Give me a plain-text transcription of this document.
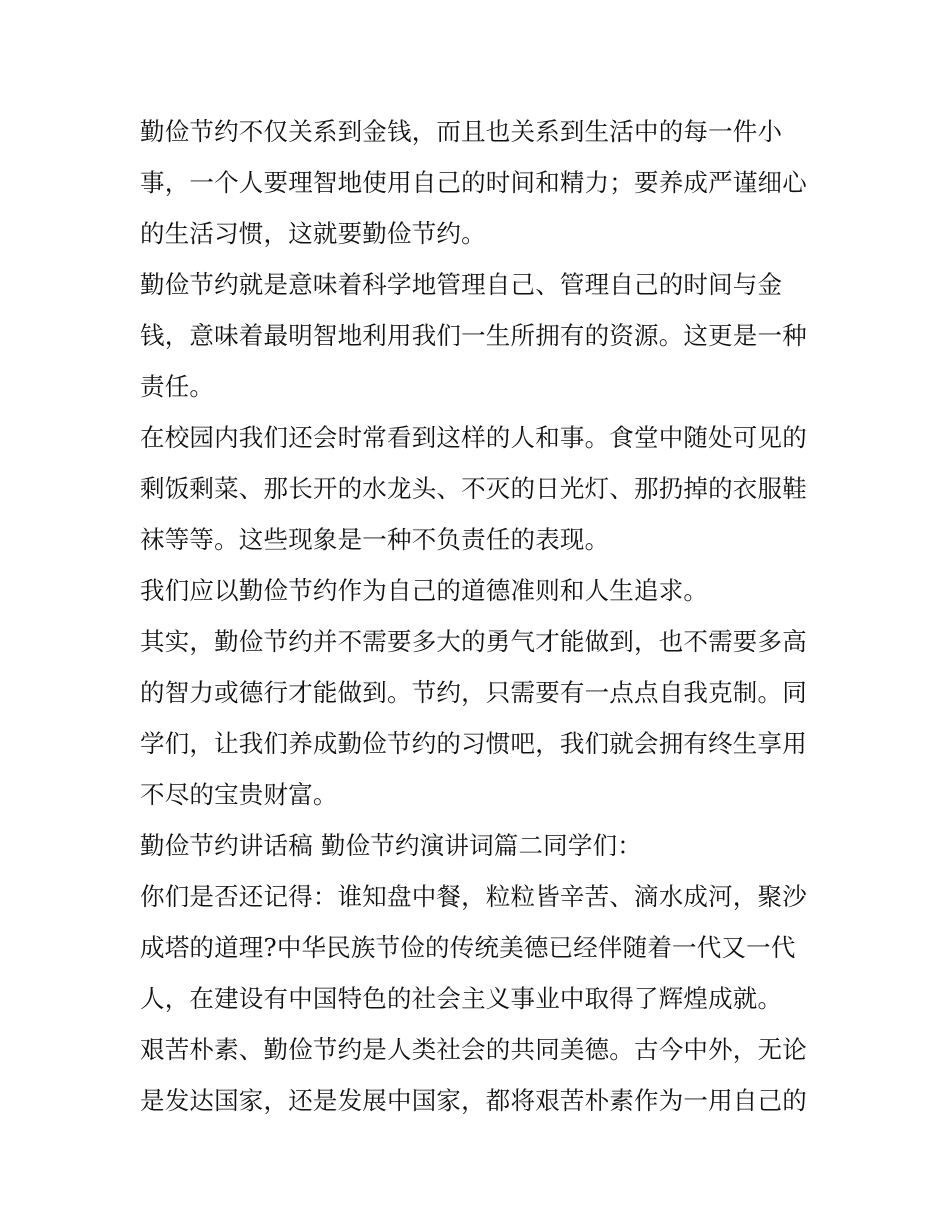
勤俭节约不仅关系到金钱，而且也关系到生活中的每一件小
事，一个人要理智地使用自己的时间和精力；要养成严谨细心
的生活习惯，这就要勤俭节约。
勤俭节约就是意味着科学地管理自己、管理自己的时间与金
钱，意味着最明智地利用我们一生所拥有的资源。这更是一种
责任。
在校园内我们还会时常看到这样的人和事。食堂中随处可见的
剩饭剩菜、那长开的水龙头、不灭的日光灯、那扔掉的衣服鞋
袜等等。这些现象是一种不负责任的表现。
我们应以勤俭节约作为自己的道德准则和人生追求。
其实，勤俭节约并不需要多大的勇气才能做到，也不需要多高
的智力或德行才能做到。节约，只需要有一点点自我克制。同
学们，让我们养成勤俭节约的习惯吧，我们就会拥有终生享用
不尽的宝贵财富。
勤俭节约讲话稿 勤俭节约演讲词篇二同学们：
你们是否还记得：谁知盘中餐，粒粒皆辛苦、滴水成河，聚沙
成塔的道理?中华民族节俭的传统美德已经伴随着一代又一代
人，在建设有中国特色的社会主义事业中取得了辉煌成就。
艰苦朴素、勤俭节约是人类社会的共同美德。古今中外，无论
是发达国家，还是发展中国家，都将艰苦朴素作为一用自己的
